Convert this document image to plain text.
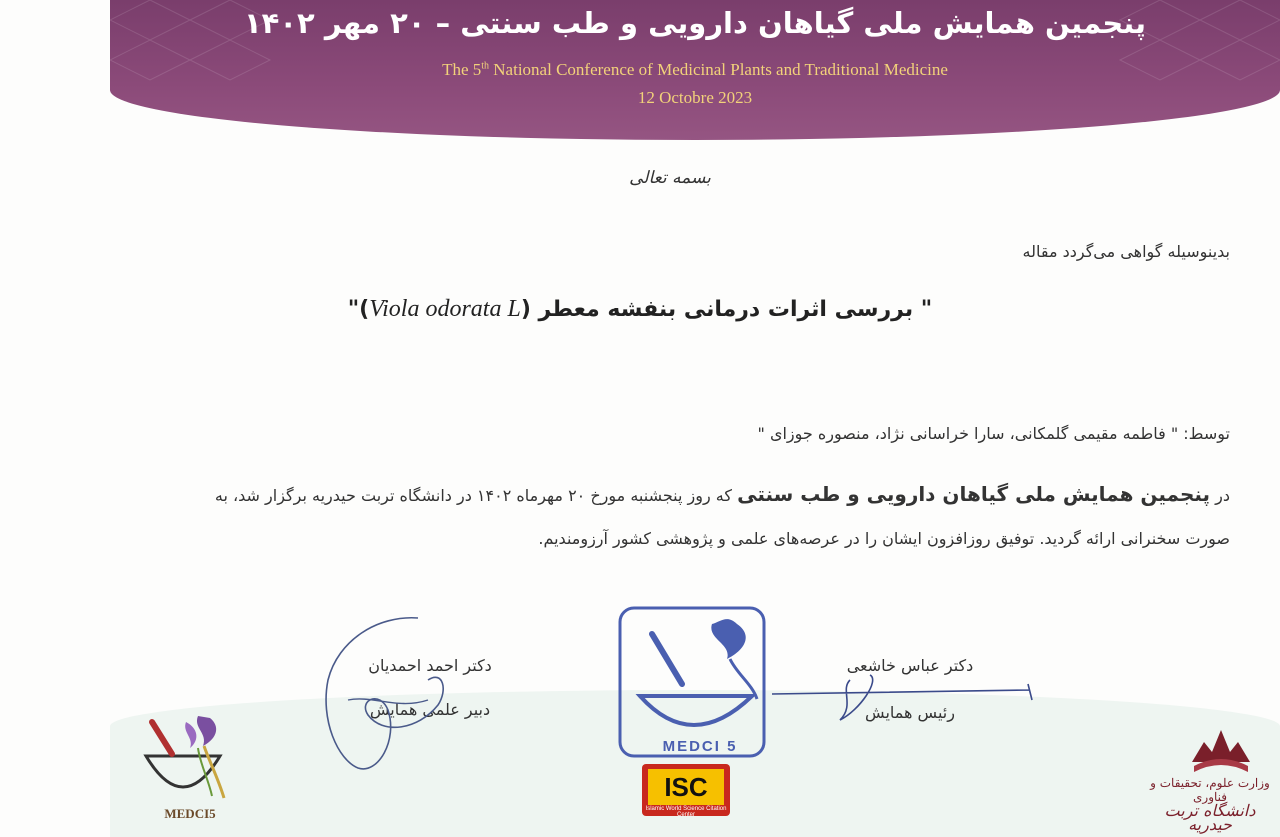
پنجمین همایش ملی گیاهان دارویی و طب سنتی – ۲۰ مهر ۱۴۰۲
The 5th National Conference of Medicinal Plants and Traditional Medicine
12 Octobre 2023
بسمه تعالی
بدینوسیله گواهی می‌گردد مقاله
" بررسی اثرات درمانی بنفشه معطر (Viola odorata L)"
توسط: " فاطمه مقیمی گلمکانی، سارا خراسانی نژاد، منصوره جوزای "
در پنجمین همایش ملی گیاهان دارویی و طب سنتی که روز پنجشنبه مورخ ۲۰ مهرماه ۱۴۰۲ در دانشگاه تربت حیدریه برگزار شد، به
صورت سخنرانی ارائه گردید. توفیق روزافزون ایشان را در عرصه‌های علمی و پژوهشی کشور آرزومندیم.
دکتر احمد احمدیان
دبیر علمی همایش
دکتر عباس خاشعی
رئیس همایش
MEDCI 5
ISC
Islamic World Science Citation Center
MEDCI5
وزارت علوم، تحقیقات و فناوری
دانشگاه تربت حیدریه
